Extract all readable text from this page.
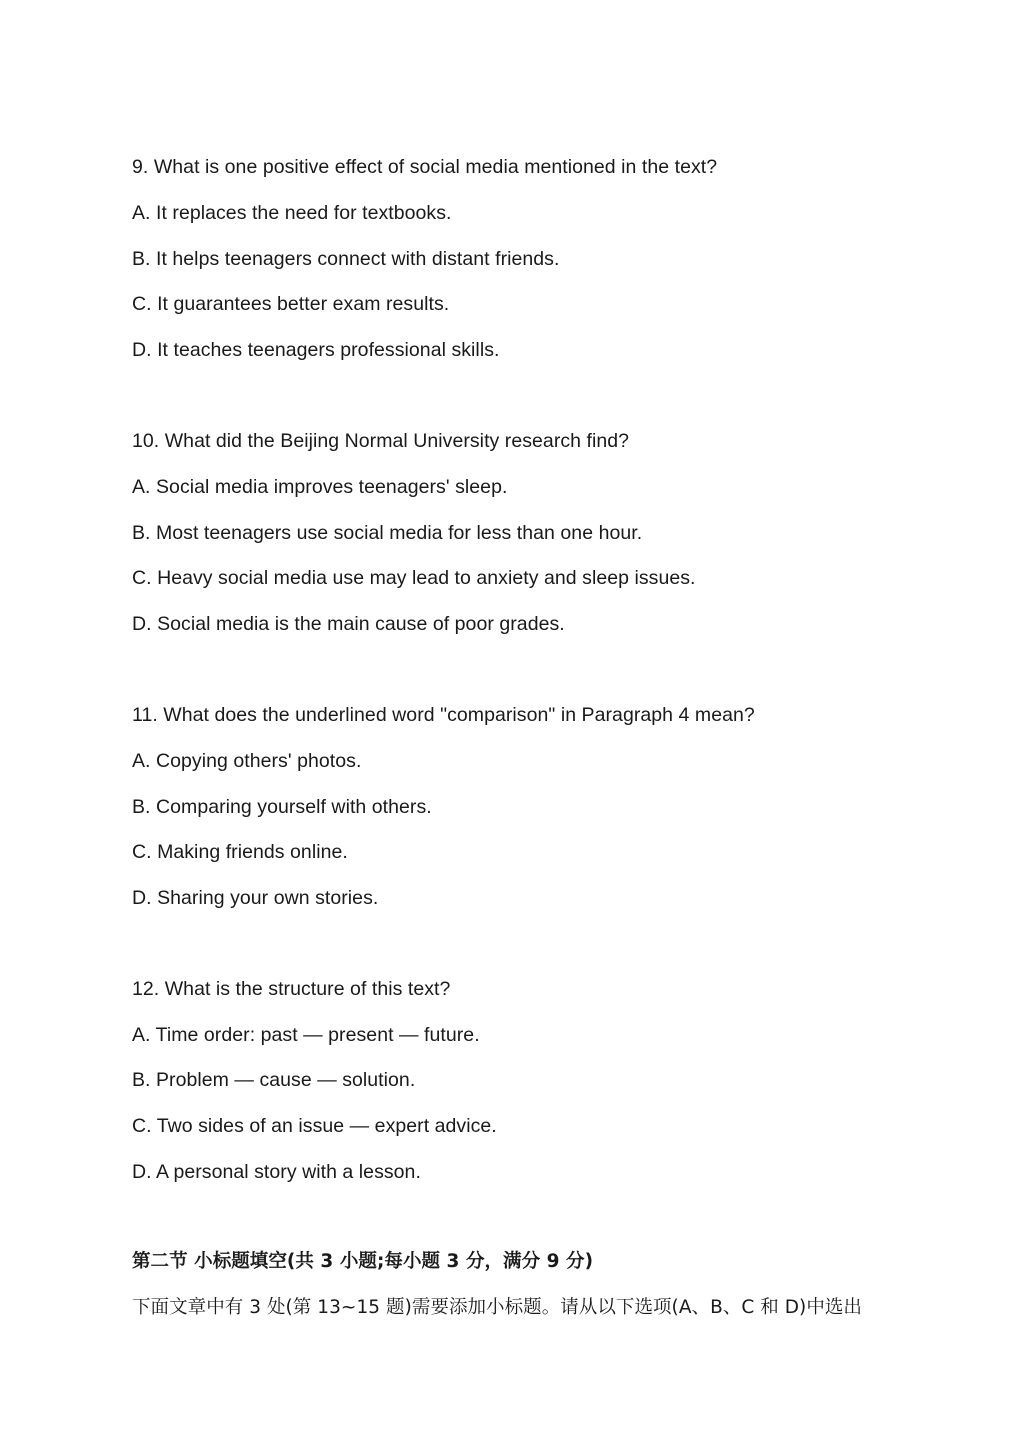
9. What is one positive effect of social media mentioned in the text?
A. It replaces the need for textbooks.
B. It helps teenagers connect with distant friends.
C. It guarantees better exam results.
D. It teaches teenagers professional skills.
10. What did the Beijing Normal University research find?
A. Social media improves teenagers' sleep.
B. Most teenagers use social media for less than one hour.
C. Heavy social media use may lead to anxiety and sleep issues.
D. Social media is the main cause of poor grades.
11. What does the underlined word "comparison" in Paragraph 4 mean?
A. Copying others' photos.
B. Comparing yourself with others.
C. Making friends online.
D. Sharing your own stories.
12. What is the structure of this text?
A. Time order: past — present — future.
B. Problem — cause — solution.
C. Two sides of an issue — expert advice.
D. A personal story with a lesson.
第二节 小标题填空(共 3 小题;每小题 3 分，满分 9 分)
下面文章中有 3 处(第 13~15 题)需要添加小标题。请从以下选项(A、B、C 和 D)中选出
